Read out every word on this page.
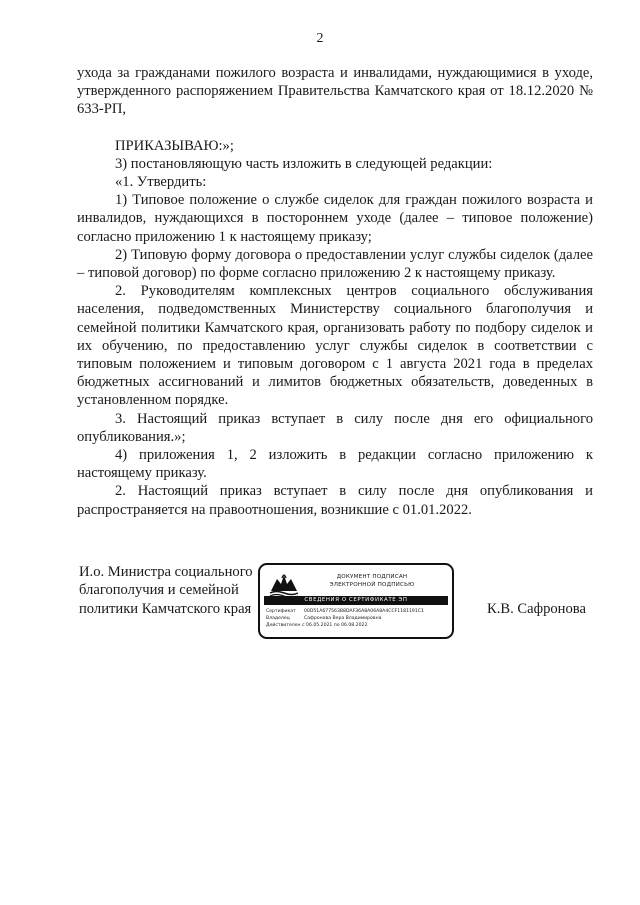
2

ухода за гражданами пожилого возраста и инвалидами, нуждающимися в уходе, утвержденного распоряжением Правительства Камчатского края от 18.12.2020 № 633-РП,

ПРИКАЗЫВАЮ:»;

3) постановляющую часть изложить в следующей редакции:

«1. Утвердить:

1) Типовое положение о службе сиделок для граждан пожилого возраста и инвалидов, нуждающихся в постороннем уходе (далее – типовое положение) согласно приложению 1 к настоящему приказу;

2) Типовую форму договора о предоставлении услуг службы сиделок (далее – типовой договор) по форме согласно приложению 2 к настоящему приказу.

2. Руководителям комплексных центров социального обслуживания населения, подведомственных Министерству социального благополучия и семейной политики Камчатского края, организовать работу по подбору сиделок и их обучению, по предоставлению услуг службы сиделок в соответствии с типовым положением и типовым договором с 1 августа 2021 года в пределах бюджетных ассигнований и лимитов бюджетных обязательств, доведенных в установленном порядке.

3. Настоящий приказ вступает в силу после дня его официального опубликования.»;

4) приложения 1, 2 изложить в редакции согласно приложению к настоящему приказу.

2. Настоящий приказ вступает в силу после дня опубликования и распространяется на правоотношения, возникшие с 01.01.2022.

И.о. Министра социального
благополучия и семейной
политики Камчатского края	К.В. Сафронова
ДОКУМЕНТ ПОДПИСАН
ЭЛЕКТРОННОЙ ПОДПИСЬЮ
СВЕДЕНИЯ О СЕРТИФИКАТЕ ЭП
Сертификат 00D51A677563B8DAF36A8A06A8A4CCF1181191C1
Владелец	Сафронова Вера Владимировна
Действителен с 06.05.2021 по 06.08.2022
